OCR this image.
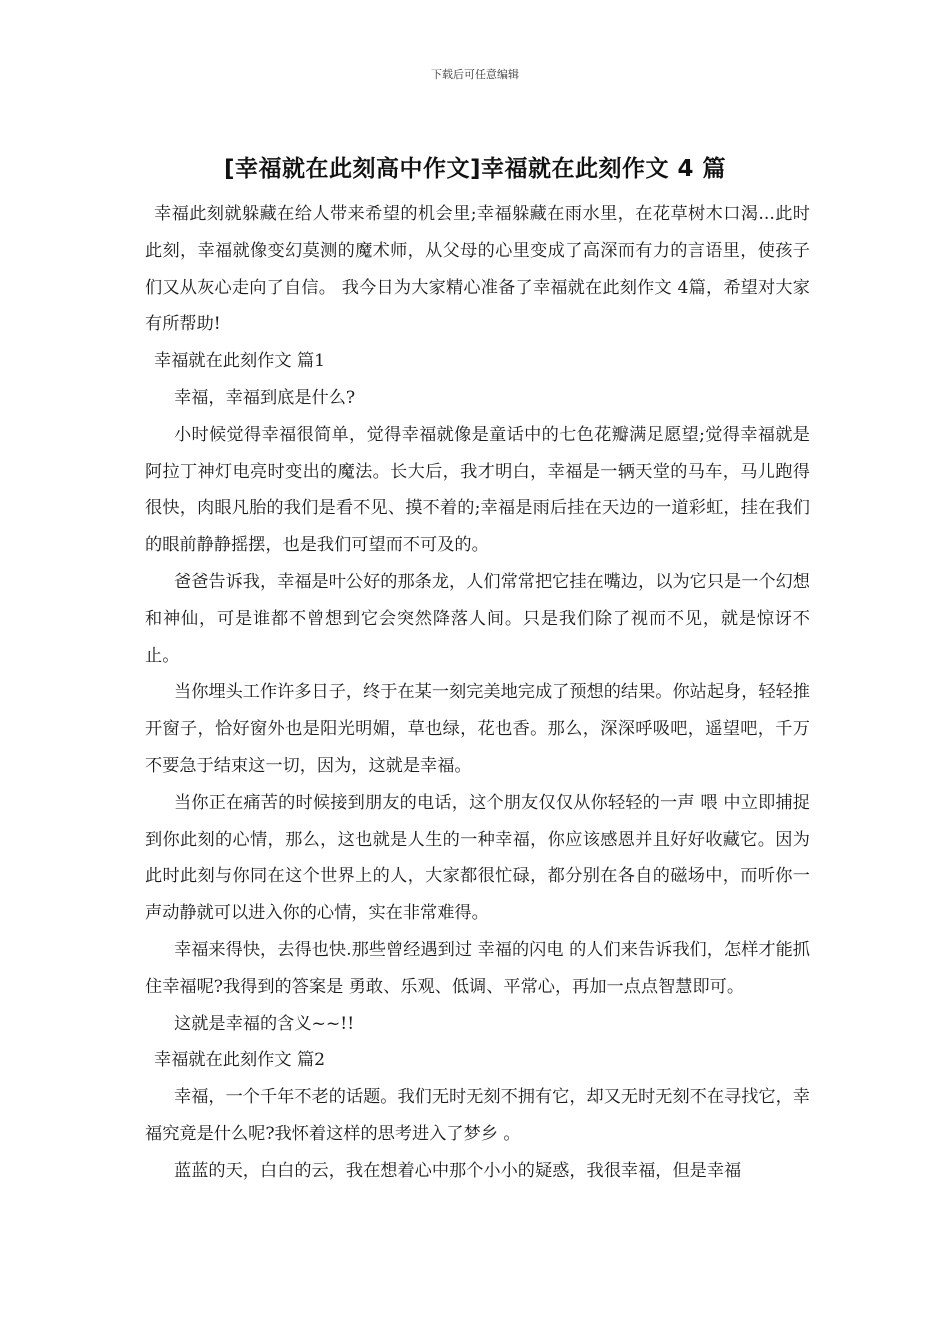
下载后可任意编辑
[幸福就在此刻高中作文]幸福就在此刻作文 4 篇

幸福此刻就躲藏在给人带来希望的机会里;幸福躲藏在雨水里，在花草树木口渴...此时此刻，幸福就像变幻莫测的魔术师，从父母的心里变成了高深而有力的言语里，使孩子们又从灰心走向了自信。 我今日为大家精心准备了幸福就在此刻作文 4篇，希望对大家有所帮助!

幸福就在此刻作文 篇1

幸福，幸福到底是什么?

小时候觉得幸福很简单，觉得幸福就像是童话中的七色花瓣满足愿望;觉得幸福就是阿拉丁神灯电亮时变出的魔法。长大后，我才明白，幸福是一辆天堂的马车，马儿跑得很快，肉眼凡胎的我们是看不见、摸不着的;幸福是雨后挂在天边的一道彩虹，挂在我们的眼前静静摇摆，也是我们可望而不可及的。

爸爸告诉我，幸福是叶公好的那条龙，人们常常把它挂在嘴边，以为它只是一个幻想和神仙，可是谁都不曾想到它会突然降落人间。只是我们除了视而不见，就是惊讶不止。

当你埋头工作许多日子，终于在某一刻完美地完成了预想的结果。你站起身，轻轻推开窗子，恰好窗外也是阳光明媚，草也绿，花也香。那么，深深呼吸吧，遥望吧，千万不要急于结束这一切，因为，这就是幸福。

当你正在痛苦的时候接到朋友的电话，这个朋友仅仅从你轻轻的一声 喂 中立即捕捉到你此刻的心情，那么，这也就是人生的一种幸福，你应该感恩并且好好收藏它。因为此时此刻与你同在这个世界上的人，大家都很忙碌，都分别在各自的磁场中，而听你一声动静就可以进入你的心情，实在非常难得。

幸福来得快，去得也快.那些曾经遇到过 幸福的闪电 的人们来告诉我们，怎样才能抓住幸福呢?我得到的答案是 勇敢、乐观、低调、平常心，再加一点点智慧即可。

这就是幸福的含义~~!!

幸福就在此刻作文 篇2

幸福，一个千年不老的话题。我们无时无刻不拥有它，却又无时无刻不在寻找它，幸福究竟是什么呢?我怀着这样的思考进入了梦乡 。

蓝蓝的天，白白的云，我在想着心中那个小小的疑惑，我很幸福，但是幸福
